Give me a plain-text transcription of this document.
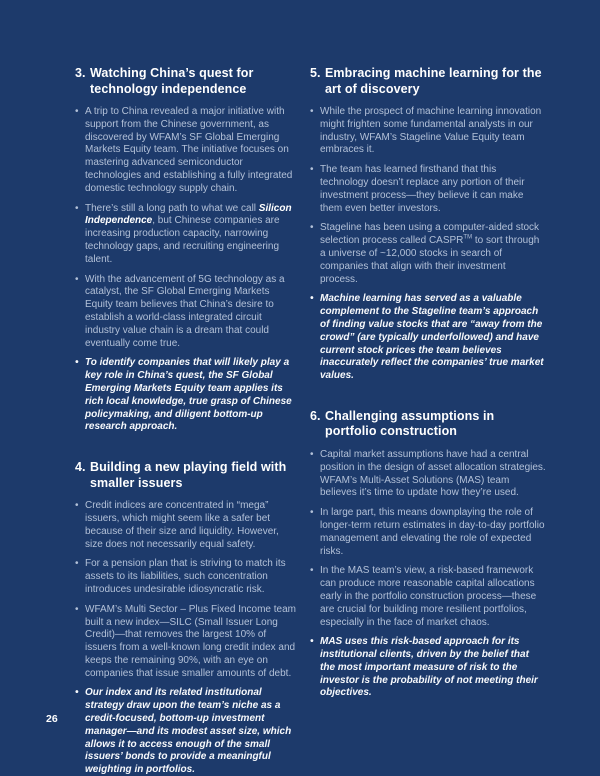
3. Watching China’s quest for technology independence
• A trip to China revealed a major initiative with support from the Chinese government, as discovered by WFAM’s SF Global Emerging Markets Equity team. The initiative focuses on mastering advanced semiconductor technologies and establishing a fully integrated domestic technology supply chain.
• There’s still a long path to what we call Silicon Independence, but Chinese companies are increasing production capacity, narrowing technology gaps, and recruiting engineering talent.
• With the advancement of 5G technology as a catalyst, the SF Global Emerging Markets Equity team believes that China’s desire to establish a world-class integrated circuit industry value chain is a dream that could eventually come true.
• To identify companies that will likely play a key role in China’s quest, the SF Global Emerging Markets Equity team applies its rich local knowledge, true grasp of Chinese policymaking, and diligent bottom-up research approach.
4. Building a new playing field with smaller issuers
• Credit indices are concentrated in “mega” issuers, which might seem like a safer bet because of their size and liquidity. However, size does not necessarily equal safety.
• For a pension plan that is striving to match its assets to its liabilities, such concentration introduces undesirable idiosyncratic risk.
• WFAM’s Multi Sector – Plus Fixed Income team built a new index—SILC (Small Issuer Long Credit)—that removes the largest 10% of issuers from a well-known long credit index and keeps the remaining 90%, with an eye on companies that issue smaller amounts of debt.
• Our index and its related institutional strategy draw upon the team’s niche as a credit-focused, bottom-up investment manager—and its modest asset size, which allows it to access enough of the small issuers’ bonds to provide a meaningful weighting in portfolios.
5. Embracing machine learning for the art of discovery
• While the prospect of machine learning innovation might frighten some fundamental analysts in our industry, WFAM’s Stageline Value Equity team embraces it.
• The team has learned firsthand that this technology doesn’t replace any portion of their investment process—they believe it can make them even better investors.
• Stageline has been using a computer-aided stock selection process called CASPR™ to sort through a universe of ~12,000 stocks in search of companies that align with their investment process.
• Machine learning has served as a valuable complement to the Stageline team’s approach of finding value stocks that are “away from the crowd” (are typically underfollowed) and have current stock prices the team believes inaccurately reflect the companies’ true market values.
6. Challenging assumptions in portfolio construction
• Capital market assumptions have had a central position in the design of asset allocation strategies. WFAM’s Multi-Asset Solutions (MAS) team believes it’s time to update how they’re used.
• In large part, this means downplaying the role of longer-term return estimates in day-to-day portfolio management and elevating the role of expected risks.
• In the MAS team’s view, a risk-based framework can produce more reasonable capital allocations early in the portfolio construction process—these are crucial for building more resilient portfolios, especially in the face of market chaos.
• MAS uses this risk-based approach for its institutional clients, driven by the belief that the most important measure of risk to the investor is the probability of not meeting their objectives.
26
